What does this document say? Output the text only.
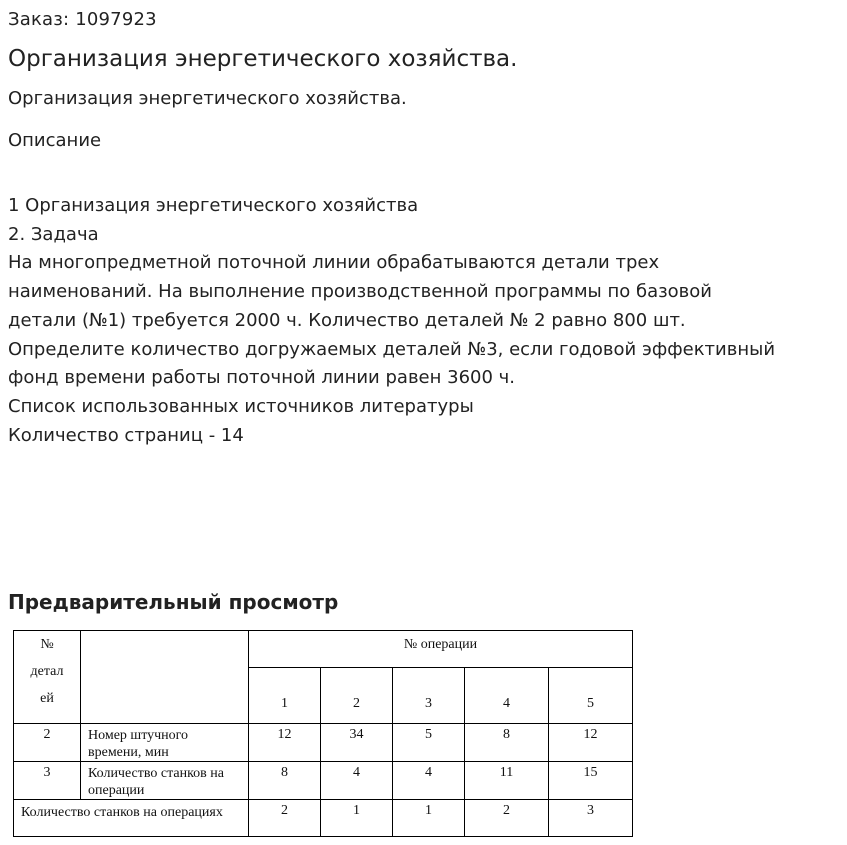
Заказ: 1097923
Организация энергетического хозяйства.
Организация энергетического хозяйства.
Описание
1 Организация энергетического хозяйства
2. Задача
На многопредметной поточной линии обрабатываются детали трех
наименований. На выполнение производственной программы по базовой
детали (№1) требуется 2000 ч. Количество деталей № 2 равно 800 шт.
Определите количество догружаемых деталей №3, если годовой эффективный
фонд времени работы поточной линии равен 3600 ч.
Список использованных источников литературы
Количество страниц - 14
Предварительный просмотр
№
детал
ей		№ операции				
		1	2	3	4	5
2	Номер штучного времени, мин	12	34	5	8	12
3	Количество станков на операции	8	4	4	11	15
Количество станков на операциях		2	1	1	2	3
